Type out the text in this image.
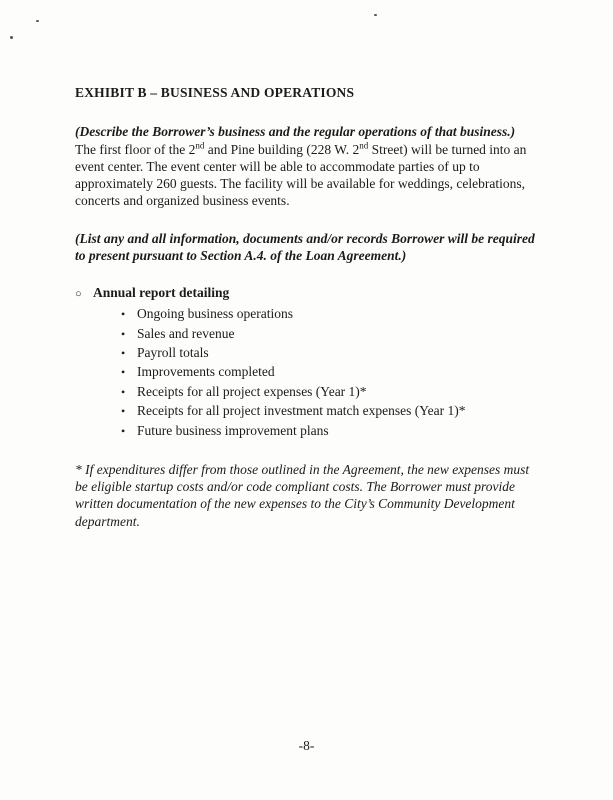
EXHIBIT B – BUSINESS AND OPERATIONS

(Describe the Borrower’s business and the regular operations of that business.)

The first floor of the 2nd and Pine building (228 W. 2nd Street) will be turned into an event center. The event center will be able to accommodate parties of up to approximately 260 guests. The facility will be available for weddings, celebrations, concerts and organized business events.

(List any and all information, documents and/or records Borrower will be required to present pursuant to Section A.4. of the Loan Agreement.)

○ Annual report detailing
• Ongoing business operations
• Sales and revenue
• Payroll totals
• Improvements completed
• Receipts for all project expenses (Year 1)*
• Receipts for all project investment match expenses (Year 1)*
• Future business improvement plans

* If expenditures differ from those outlined in the Agreement, the new expenses must be eligible startup costs and/or code compliant costs. The Borrower must provide written documentation of the new expenses to the City’s Community Development department.

-8-
